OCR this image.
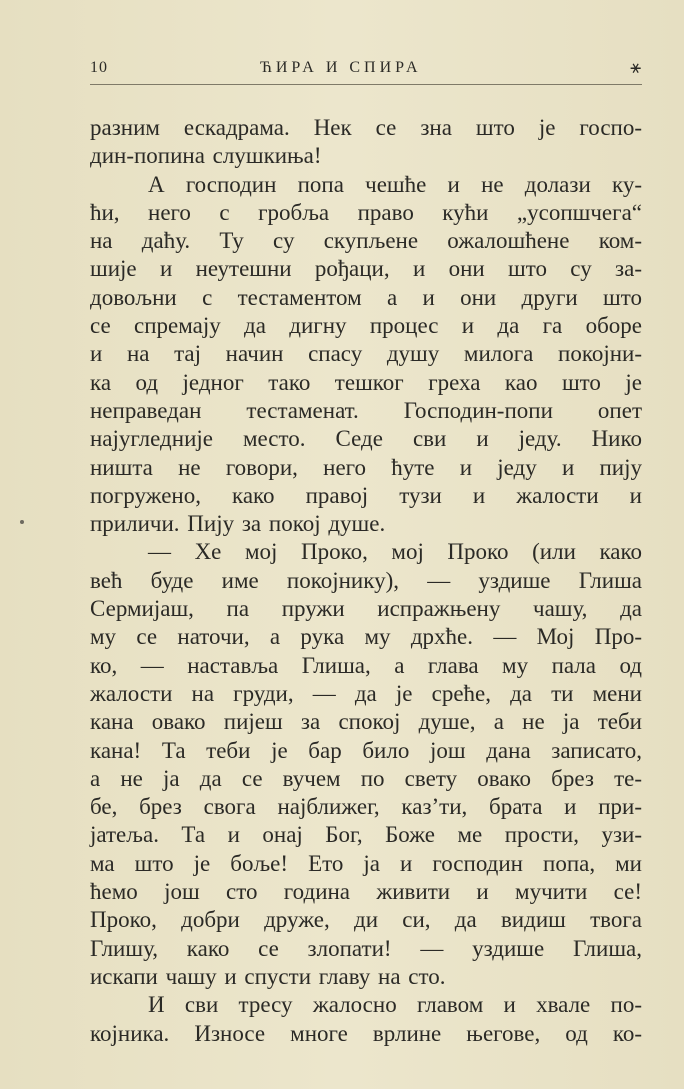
10	ЋИРА И СПИРА	⚹
разним ескадрама. Нек се зна што је госпо-
дин-попина слушкиња!
А господин попа чешће и не долази ку-
ћи, него с гробља право кући „усопшчега“
на даћу. Ту су скупљене ожалошћене ком-
шије и неутешни рођаци, и они што су за-
довољни с тестаментом а и они други што
се спремају да дигну процес и да га оборе
и на тај начин спасу душу милога покојни-
ка од једног тако тешког греха као што је
неправедан тестаменат. Господин-попи опет
најугледније место. Седе сви и једу. Нико
ништа не говори, него ћуте и једу и пију
погружено, како правој тузи и жалости и
приличи. Пију за покој душе.
— Хе мој Проко, мој Проко (или како
већ буде име покојнику), — уздише Глиша
Сермијаш, па пружи испражњену чашу, да
му се наточи, а рука му дрхће. — Мој Про-
ко, — наставља Глиша, а глава му пала од
жалости на груди, — да је среће, да ти мени
кана овако пијеш за спокој душе, а не ја теби
кана! Та теби је бар било још дана записато,
а не ја да се вучем по свету овако брез те-
бе, брез свога најближег, каз’ти, брата и при-
јатеља. Та и онај Бог, Боже ме прости, узи-
ма што је боље! Ето ја и господин попа, ми
ћемо још сто година живити и мучити се!
Проко, добри друже, ди си, да видиш твога
Глишу, како се злопати! — уздише Глиша,
искапи чашу и спусти главу на сто.
И сви тресу жалосно главом и хвале по-
којника. Износе многе врлине његове, од ко-
